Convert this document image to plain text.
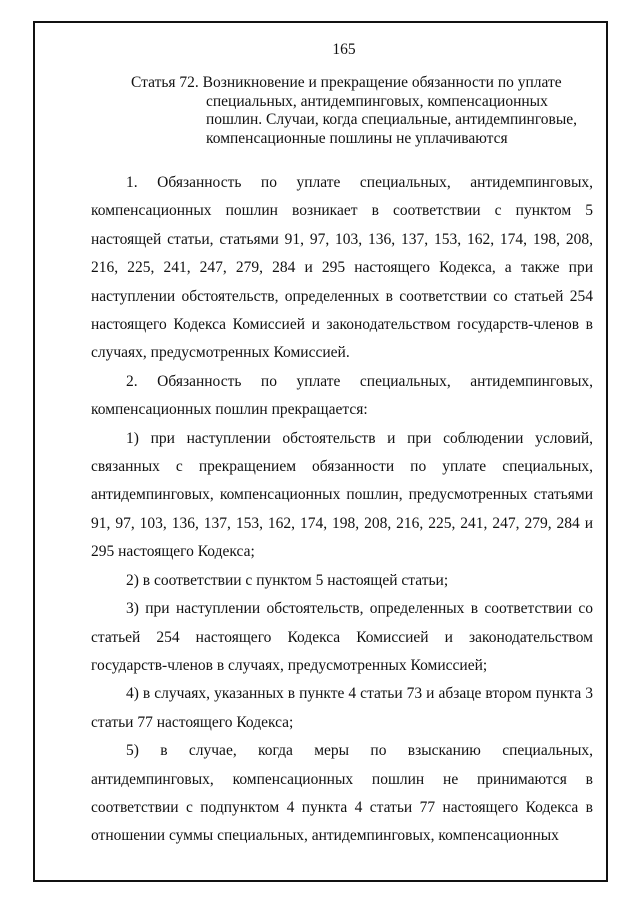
165
Статья 72. Возникновение и прекращение обязанности по уплате
специальных, антидемпинговых, компенсационных
пошлин. Случаи, когда специальные, антидемпинговые,
компенсационные пошлины не уплачиваются

1. Обязанность по уплате специальных, антидемпинговых, компенсационных пошлин возникает в соответствии с пунктом 5 настоящей статьи, статьями 91, 97, 103, 136, 137, 153, 162, 174, 198, 208, 216, 225, 241, 247, 279, 284 и 295 настоящего Кодекса, а также при наступлении обстоятельств, определенных в соответствии со статьей 254 настоящего Кодекса Комиссией и законодательством государств-членов в случаях, предусмотренных Комиссией.

2. Обязанность по уплате специальных, антидемпинговых, компенсационных пошлин прекращается:

1) при наступлении обстоятельств и при соблюдении условий, связанных с прекращением обязанности по уплате специальных, антидемпинговых, компенсационных пошлин, предусмотренных статьями 91, 97, 103, 136, 137, 153, 162, 174, 198, 208, 216, 225, 241, 247, 279, 284 и 295 настоящего Кодекса;

2) в соответствии с пунктом 5 настоящей статьи;

3) при наступлении обстоятельств, определенных в соответствии со статьей 254 настоящего Кодекса Комиссией и законодательством государств-членов в случаях, предусмотренных Комиссией;

4) в случаях, указанных в пункте 4 статьи 73 и абзаце втором пункта 3 статьи 77 настоящего Кодекса;

5) в случае, когда меры по взысканию специальных, антидемпинговых, компенсационных пошлин не принимаются в соответствии с подпунктом 4 пункта 4 статьи 77 настоящего Кодекса в отношении суммы специальных, антидемпинговых, компенсационных
